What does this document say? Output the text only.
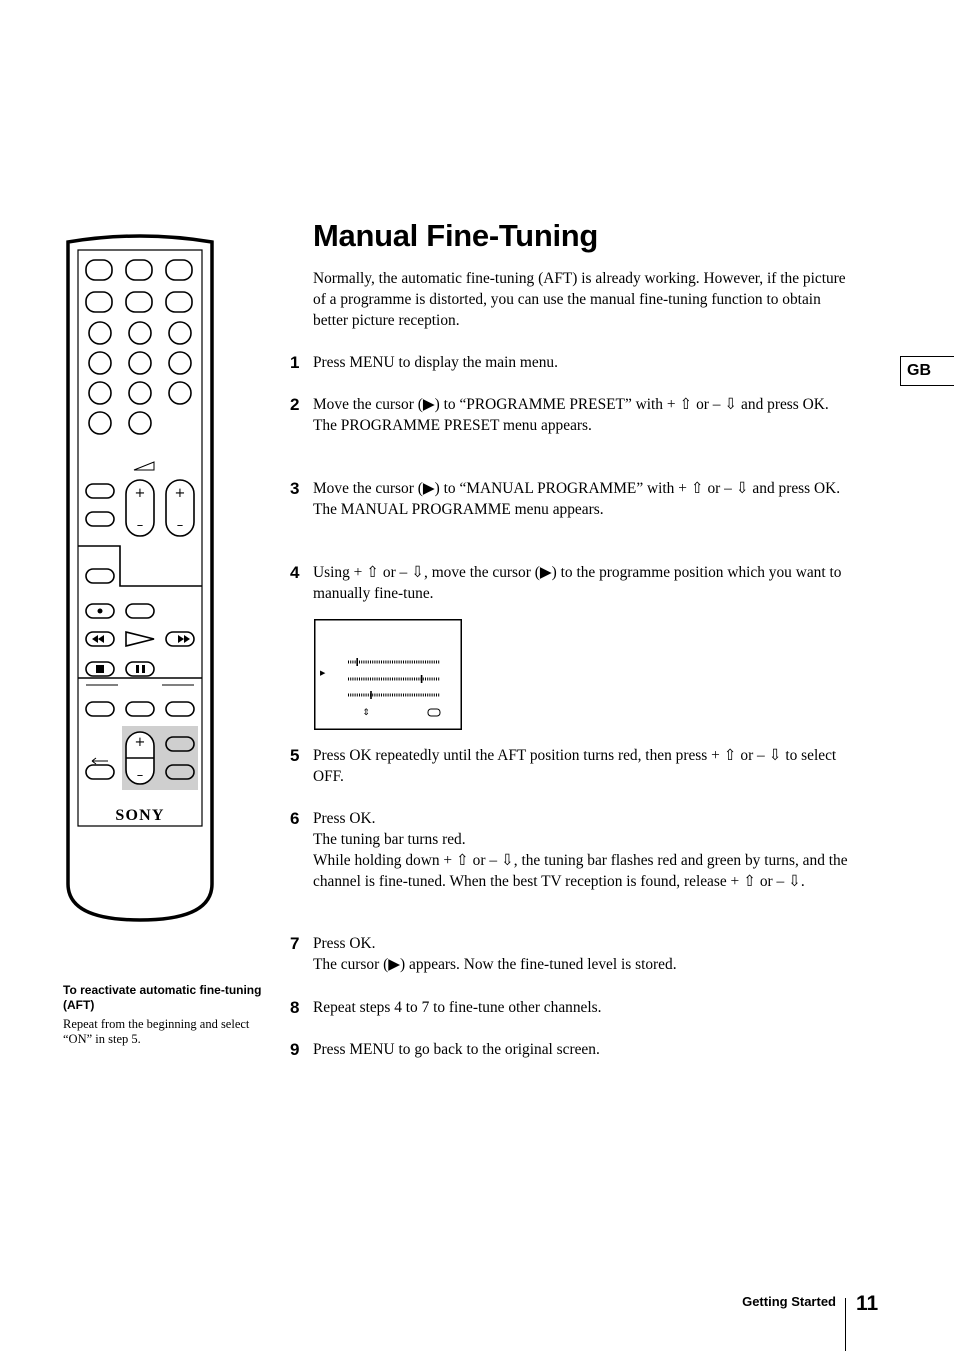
Manual Fine-Tuning

Normally, the automatic fine-tuning (AFT) is already working. However, if the picture of a programme is distorted, you can use the manual fine-tuning function to obtain better picture reception.

GB
1 Press MENU to display the main menu.

2 Move the cursor (▶) to “PROGRAMME PRESET” with + ⇧ or – ⇩ and press OK.

The PROGRAMME PRESET menu appears.

3 Move the cursor (▶) to “MANUAL PROGRAMME” with + ⇧ or – ⇩ and press OK.

The MANUAL PROGRAMME menu appears.

4 Using + ⇧ or – ⇩, move the cursor (▶) to the programme position which you want to manually fine-tune.

5 Press OK repeatedly until the AFT position turns red, then press + ⇧ or – ⇩ to select OFF.

6 Press OK.

The tuning bar turns red.

While holding down + ⇧ or – ⇩, the tuning bar flashes red and green by turns, and the channel is fine-tuned. When the best TV reception is found, release + ⇧ or – ⇩.

7 Press OK.

The cursor (▶) appears. Now the fine-tuned level is stored.

8 Repeat steps 4 to 7 to fine-tune other channels.

9 Press MENU to go back to the original screen.

+
–
+
–
+
–
SONY

To reactivate automatic fine-tuning (AFT)

Repeat from the beginning and select “ON” in step 5.

▶
⇕
Getting Started 11
